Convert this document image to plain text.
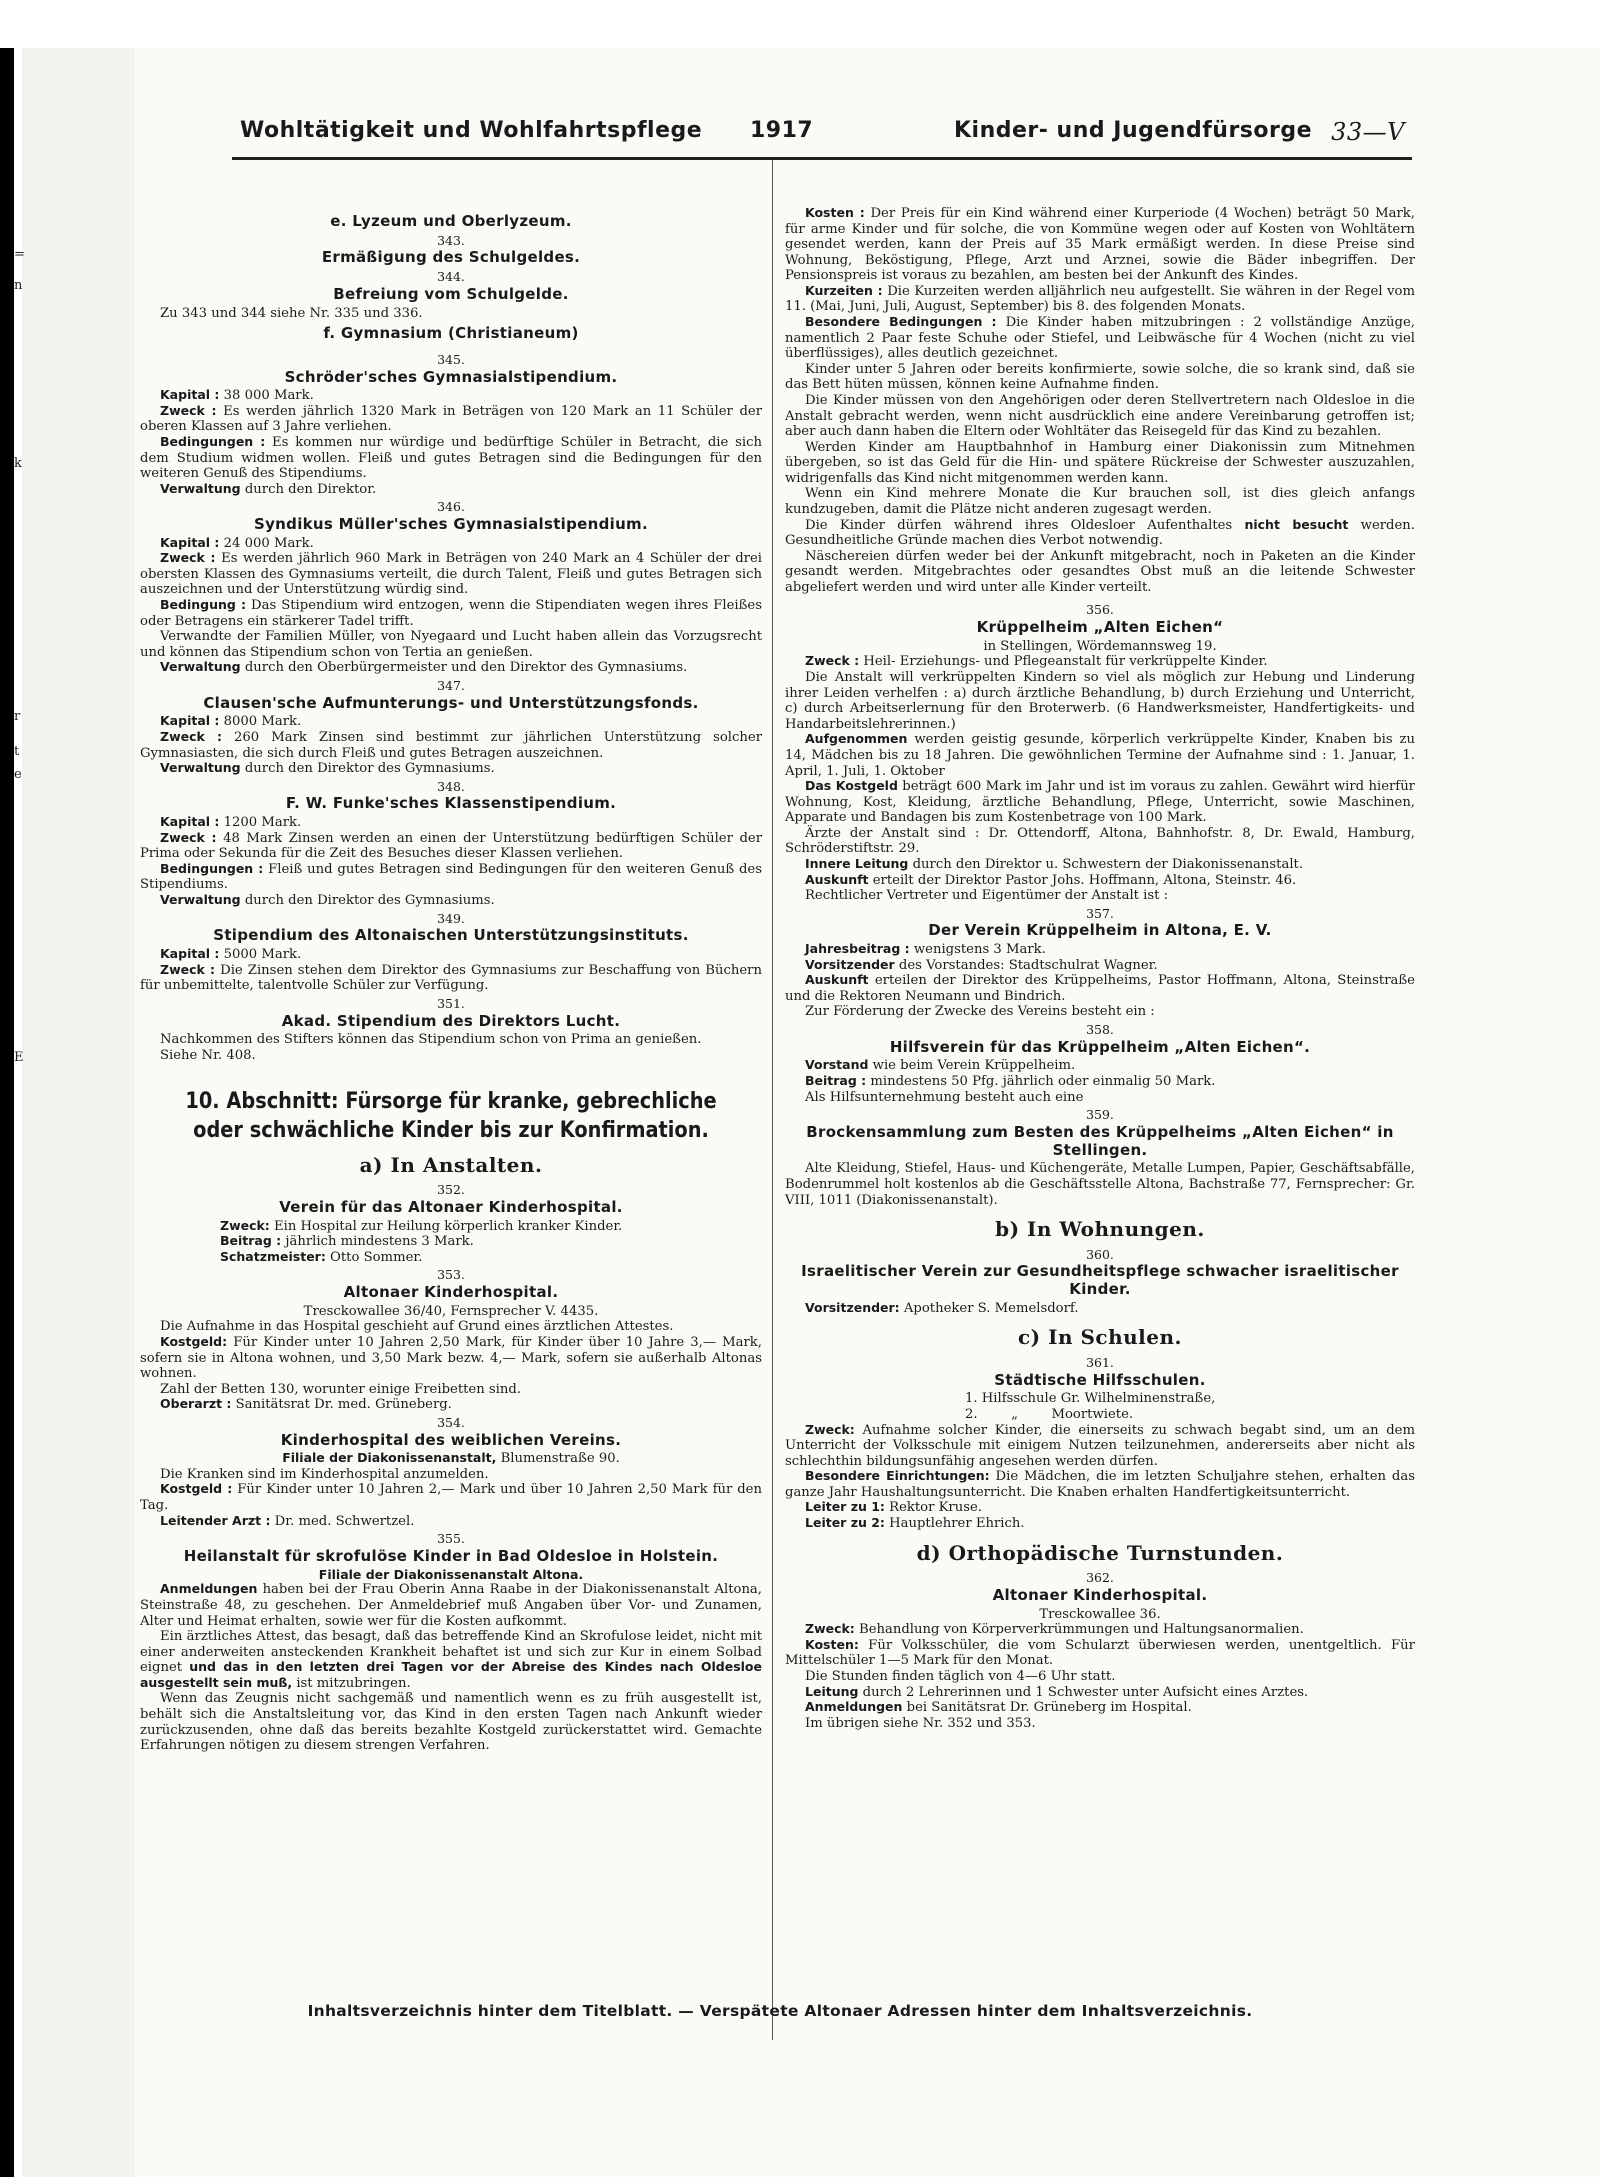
=
n
k
r
t
e
E
Wohltätigkeit und Wohlfahrtspflege 1917	Kinder- und Jugendfürsorge 33—V
e. Lyzeum und Oberlyzeum.
343.
Ermäßigung des Schulgeldes.
344.
Befreiung vom Schulgelde.

Zu 343 und 344 siehe Nr. 335 und 336.

f. Gymnasium (Christianeum)
345.
Schröder'sches Gymnasialstipendium.

Kapital : 38 000 Mark.

Zweck : Es werden jährlich 1320 Mark in Beträgen von 120 Mark an 11 Schüler der oberen Klassen auf 3 Jahre verliehen.

Bedingungen : Es kommen nur würdige und bedürftige Schüler in Betracht, die sich dem Studium widmen wollen. Fleiß und gutes Betragen sind die Bedingungen für den weiteren Genuß des Stipendiums.

Verwaltung durch den Direktor.

346.
Syndikus Müller'sches Gymnasialstipendium.

Kapital : 24 000 Mark.

Zweck : Es werden jährlich 960 Mark in Beträgen von 240 Mark an 4 Schüler der drei obersten Klassen des Gymnasiums verteilt, die durch Talent, Fleiß und gutes Betragen sich auszeichnen und der Unterstützung würdig sind.

Bedingung : Das Stipendium wird entzogen, wenn die Stipendiaten wegen ihres Fleißes oder Betragens ein stärkerer Tadel trifft.

Verwandte der Familien Müller, von Nyegaard und Lucht haben allein das Vorzugsrecht und können das Stipendium schon von Tertia an genießen.

Verwaltung durch den Oberbürgermeister und den Direktor des Gymnasiums.

347.
Clausen'sche Aufmunterungs- und Unterstützungsfonds.

Kapital : 8000 Mark.

Zweck : 260 Mark Zinsen sind bestimmt zur jährlichen Unterstützung solcher Gymnasiasten, die sich durch Fleiß und gutes Betragen auszeichnen.

Verwaltung durch den Direktor des Gymnasiums.

348.
F. W. Funke'sches Klassenstipendium.

Kapital : 1200 Mark.

Zweck : 48 Mark Zinsen werden an einen der Unterstützung bedürftigen Schüler der Prima oder Sekunda für die Zeit des Besuches dieser Klassen verliehen.

Bedingungen : Fleiß und gutes Betragen sind Bedingungen für den weiteren Genuß des Stipendiums.

Verwaltung durch den Direktor des Gymnasiums.

349.
Stipendium des Altonaischen Unterstützungsinstituts.

Kapital : 5000 Mark.

Zweck : Die Zinsen stehen dem Direktor des Gymnasiums zur Beschaffung von Büchern für unbemittelte, talentvolle Schüler zur Verfügung.

351.
Akad. Stipendium des Direktors Lucht.

Nachkommen des Stifters können das Stipendium schon von Prima an genießen.

Siehe Nr. 408.

10. Abschnitt: Fürsorge für kranke, gebrechliche oder schwächliche Kinder bis zur Konfirmation.
a) In Anstalten.
352.
Verein für das Altonaer Kinderhospital.

Zweck: Ein Hospital zur Heilung körperlich kranker Kinder.

Beitrag : jährlich mindestens 3 Mark.

Schatzmeister: Otto Sommer.

353.
Altonaer Kinderhospital.
Tresckowallee 36/40, Fernsprecher V. 4435.

Die Aufnahme in das Hospital geschieht auf Grund eines ärztlichen Attestes.

Kostgeld: Für Kinder unter 10 Jahren 2,50 Mark, für Kinder über 10 Jahre 3,— Mark, sofern sie in Altona wohnen, und 3,50 Mark bezw. 4,— Mark, sofern sie außerhalb Altonas wohnen.

Zahl der Betten 130, worunter einige Freibetten sind.

Oberarzt : Sanitätsrat Dr. med. Grüneberg.

354.
Kinderhospital des weiblichen Vereins.
Filiale der Diakonissenanstalt, Blumenstraße 90.

Die Kranken sind im Kinderhospital anzumelden.

Kostgeld : Für Kinder unter 10 Jahren 2,— Mark und über 10 Jahren 2,50 Mark für den Tag.

Leitender Arzt : Dr. med. Schwertzel.

355.
Heilanstalt für skrofulöse Kinder in Bad Oldesloe in Holstein.
Filiale der Diakonissenanstalt Altona.

Anmeldungen haben bei der Frau Oberin Anna Raabe in der Diakonissenanstalt Altona, Steinstraße 48, zu geschehen. Der Anmeldebrief muß Angaben über Vor- und Zunamen, Alter und Heimat erhalten, sowie wer für die Kosten aufkommt.

Ein ärztliches Attest, das besagt, daß das betreffende Kind an Skrofulose leidet, nicht mit einer anderweiten ansteckenden Krankheit behaftet ist und sich zur Kur in einem Solbad eignet und das in den letzten drei Tagen vor der Abreise des Kindes nach Oldesloe ausgestellt sein muß, ist mitzubringen.

Wenn das Zeugnis nicht sachgemäß und namentlich wenn es zu früh ausgestellt ist, behält sich die Anstaltsleitung vor, das Kind in den ersten Tagen nach Ankunft wieder zurückzusenden, ohne daß das bereits bezahlte Kostgeld zurückerstattet wird. Gemachte Erfahrungen nötigen zu diesem strengen Verfahren.

Kosten : Der Preis für ein Kind während einer Kurperiode (4 Wochen) beträgt 50 Mark, für arme Kinder und für solche, die von Kommüne wegen oder auf Kosten von Wohltätern gesendet werden, kann der Preis auf 35 Mark ermäßigt werden. In diese Preise sind Wohnung, Beköstigung, Pflege, Arzt und Arznei, sowie die Bäder inbegriffen. Der Pensionspreis ist voraus zu bezahlen, am besten bei der Ankunft des Kindes.

Kurzeiten : Die Kurzeiten werden alljährlich neu aufgestellt. Sie währen in der Regel vom 11. (Mai, Juni, Juli, August, September) bis 8. des folgenden Monats.

Besondere Bedingungen : Die Kinder haben mitzubringen : 2 vollständige Anzüge, namentlich 2 Paar feste Schuhe oder Stiefel, und Leibwäsche für 4 Wochen (nicht zu viel überflüssiges), alles deutlich gezeichnet.

Kinder unter 5 Jahren oder bereits konfirmierte, sowie solche, die so krank sind, daß sie das Bett hüten müssen, können keine Aufnahme finden.

Die Kinder müssen von den Angehörigen oder deren Stellvertretern nach Oldesloe in die Anstalt gebracht werden, wenn nicht ausdrücklich eine andere Vereinbarung getroffen ist; aber auch dann haben die Eltern oder Wohltäter das Reisegeld für das Kind zu bezahlen.

Werden Kinder am Hauptbahnhof in Hamburg einer Diakonissin zum Mitnehmen übergeben, so ist das Geld für die Hin- und spätere Rückreise der Schwester auszuzahlen, widrigenfalls das Kind nicht mitgenommen werden kann.

Wenn ein Kind mehrere Monate die Kur brauchen soll, ist dies gleich anfangs kundzugeben, damit die Plätze nicht anderen zugesagt werden.

Die Kinder dürfen während ihres Oldesloer Aufenthaltes nicht besucht werden. Gesundheitliche Gründe machen dies Verbot notwendig.

Näschereien dürfen weder bei der Ankunft mitgebracht, noch in Paketen an die Kinder gesandt werden. Mitgebrachtes oder gesandtes Obst muß an die leitende Schwester abgeliefert werden und wird unter alle Kinder verteilt.

356.
Krüppelheim „Alten Eichen“
in Stellingen, Wördemannsweg 19.

Zweck : Heil- Erziehungs- und Pflegeanstalt für verkrüppelte Kinder.

Die Anstalt will verkrüppelten Kindern so viel als möglich zur Hebung und Linderung ihrer Leiden verhelfen : a) durch ärztliche Behandlung, b) durch Erziehung und Unterricht, c) durch Arbeitserlernung für den Broterwerb. (6 Handwerksmeister, Handfertigkeits- und Handarbeitslehrerinnen.)

Aufgenommen werden geistig gesunde, körperlich verkrüppelte Kinder, Knaben bis zu 14, Mädchen bis zu 18 Jahren. Die gewöhnlichen Termine der Aufnahme sind : 1. Januar, 1. April, 1. Juli, 1. Oktober

Das Kostgeld beträgt 600 Mark im Jahr und ist im voraus zu zahlen. Gewährt wird hierfür Wohnung, Kost, Kleidung, ärztliche Behandlung, Pflege, Unterricht, sowie Maschinen, Apparate und Bandagen bis zum Kostenbetrage von 100 Mark.

Ärzte der Anstalt sind : Dr. Ottendorff, Altona, Bahnhofstr. 8, Dr. Ewald, Hamburg, Schröderstiftstr. 29.

Innere Leitung durch den Direktor u. Schwestern der Diakonissenanstalt.

Auskunft erteilt der Direktor Pastor Johs. Hoffmann, Altona, Steinstr. 46.

Rechtlicher Vertreter und Eigentümer der Anstalt ist :

357.
Der Verein Krüppelheim in Altona, E. V.

Jahresbeitrag : wenigstens 3 Mark.

Vorsitzender des Vorstandes: Stadtschulrat Wagner.

Auskunft erteilen der Direktor des Krüppelheims, Pastor Hoffmann, Altona, Steinstraße und die Rektoren Neumann und Bindrich.

Zur Förderung der Zwecke des Vereins besteht ein :

358.
Hilfsverein für das Krüppelheim „Alten Eichen“.

Vorstand wie beim Verein Krüppelheim.

Beitrag : mindestens 50 Pfg. jährlich oder einmalig 50 Mark.

Als Hilfsunternehmung besteht auch eine

359.
Brockensammlung zum Besten des Krüppelheims „Alten Eichen“ in Stellingen.

Alte Kleidung, Stiefel, Haus- und Küchengeräte, Metalle Lumpen, Papier, Geschäftsabfälle, Bodenrummel holt kostenlos ab die Geschäftsstelle Altona, Bachstraße 77, Fernsprecher: Gr. VIII, 1011 (Diakonissenanstalt).

b) In Wohnungen.
360.
Israelitischer Verein zur Gesundheitspflege schwacher israelitischer Kinder.

Vorsitzender: Apotheker S. Memelsdorf.

c) In Schulen.
361.
Städtische Hilfsschulen.

1. Hilfsschule Gr. Wilhelminenstraße,

2.        „        Moortwiete.

Zweck: Aufnahme solcher Kinder, die einerseits zu schwach begabt sind, um an dem Unterricht der Volksschule mit einigem Nutzen teilzunehmen, andererseits aber nicht als schlechthin bildungsunfähig angesehen werden dürfen.

Besondere Einrichtungen: Die Mädchen, die im letzten Schuljahre stehen, erhalten das ganze Jahr Haushaltungsunterricht. Die Knaben erhalten Handfertigkeitsunterricht.

Leiter zu 1: Rektor Kruse.

Leiter zu 2: Hauptlehrer Ehrich.

d) Orthopädische Turnstunden.
362.
Altonaer Kinderhospital.
Tresckowallee 36.

Zweck: Behandlung von Körperverkrümmungen und Haltungsanormalien.

Kosten: Für Volksschüler, die vom Schularzt überwiesen werden, unentgeltlich. Für Mittelschüler 1—5 Mark für den Monat.

Die Stunden finden täglich von 4—6 Uhr statt.

Leitung durch 2 Lehrerinnen und 1 Schwester unter Aufsicht eines Arztes.

Anmeldungen bei Sanitätsrat Dr. Grüneberg im Hospital.

Im übrigen siehe Nr. 352 und 353.

Inhaltsverzeichnis hinter dem Titelblatt. — Verspätete Altonaer Adressen hinter dem Inhaltsverzeichnis.
